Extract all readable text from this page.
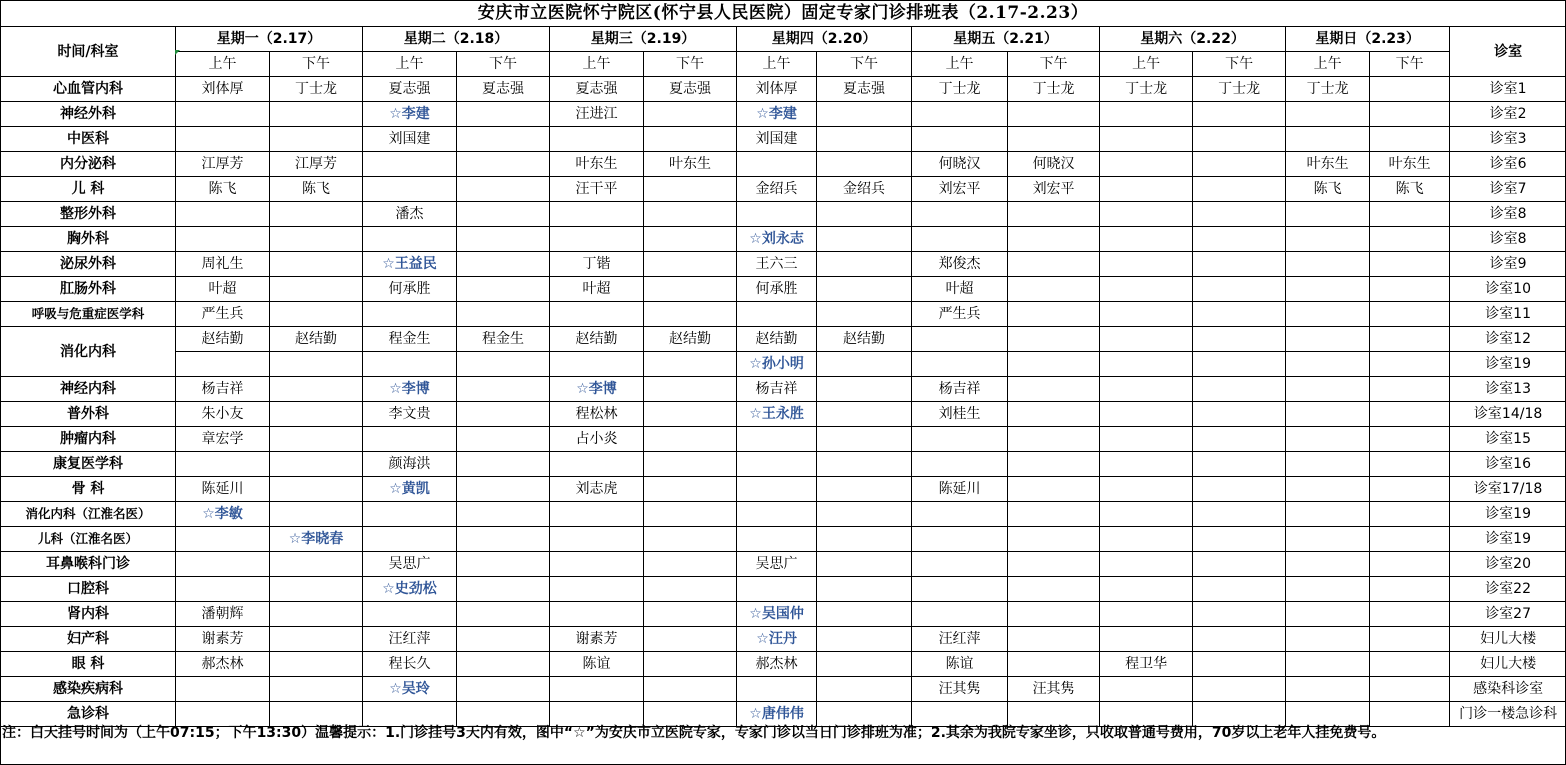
安庆市立医院怀宁院区(怀宁县人民医院）固定专家门诊排班表（2.17-2.23）
时间/科室	星期一（2.17）		星期二（2.18）		星期三（2.19）		星期四（2.20）		星期五（2.21）		星期六（2.22）		星期日（2.23）		诊室
	上午	下午	上午	下午	上午	下午	上午	下午	上午	下午	上午	下午	上午	下午	
心血管内科	刘体厚	丁士龙	夏志强	夏志强	夏志强	夏志强	刘体厚	夏志强	丁士龙	丁士龙	丁士龙	丁士龙	丁士龙		诊室1
神经外科			☆李建		汪进江		☆李建								诊室2
中医科			刘国建				刘国建								诊室3
内分泌科	江厚芳	江厚芳			叶东生	叶东生			何晓汉	何晓汉			叶东生	叶东生	诊室6
儿 科	陈飞	陈飞			汪干平		金绍兵	金绍兵	刘宏平	刘宏平			陈飞	陈飞	诊室7
整形外科			潘杰												诊室8
胸外科							☆刘永志								诊室8
泌尿外科	周礼生		☆王益民		丁锴		王六三		郑俊杰						诊室9
肛肠外科	叶超		何承胜		叶超		何承胜		叶超						诊室10
呼吸与危重症医学科	严生兵								严生兵						诊室11
消化内科	赵结勤	赵结勤	程金生	程金生	赵结勤	赵结勤	赵结勤	赵结勤							诊室12
							☆孙小明								诊室19
神经内科	杨吉祥		☆李博		☆李博		杨吉祥		杨吉祥						诊室13
普外科	朱小友		李文贵		程松林		☆王永胜		刘桂生						诊室14/18
肿瘤内科	章宏学				占小炎										诊室15
康复医学科			颜海洪												诊室16
骨 科	陈延川		☆黄凯		刘志虎				陈延川						诊室17/18
消化内科（江淮名医）	☆李敏														诊室19
儿科（江淮名医）		☆李晓春													诊室19
耳鼻喉科门诊			吴思广				吴思广								诊室20
口腔科			☆史劲松												诊室22
肾内科	潘朝辉						☆吴国仲								诊室27
妇产科	谢素芳		汪红萍		谢素芳		☆汪丹		汪红萍						妇儿大楼
眼 科	郝杰林		程长久		陈谊		郝杰林		陈谊		程卫华				妇儿大楼
感染疾病科			☆吴玲						汪其隽	汪其隽					感染科诊室
急诊科							☆唐伟伟								门诊一楼急诊科
注：白天挂号时间为（上午07:15；下午13:30）温馨提示：1.门诊挂号3天内有效，图中“☆”为安庆市立医院专家，专家门诊以当日门诊排班为准；2.其余为我院专家坐诊，只收取普通号费用，70岁以上老年人挂免费号。
